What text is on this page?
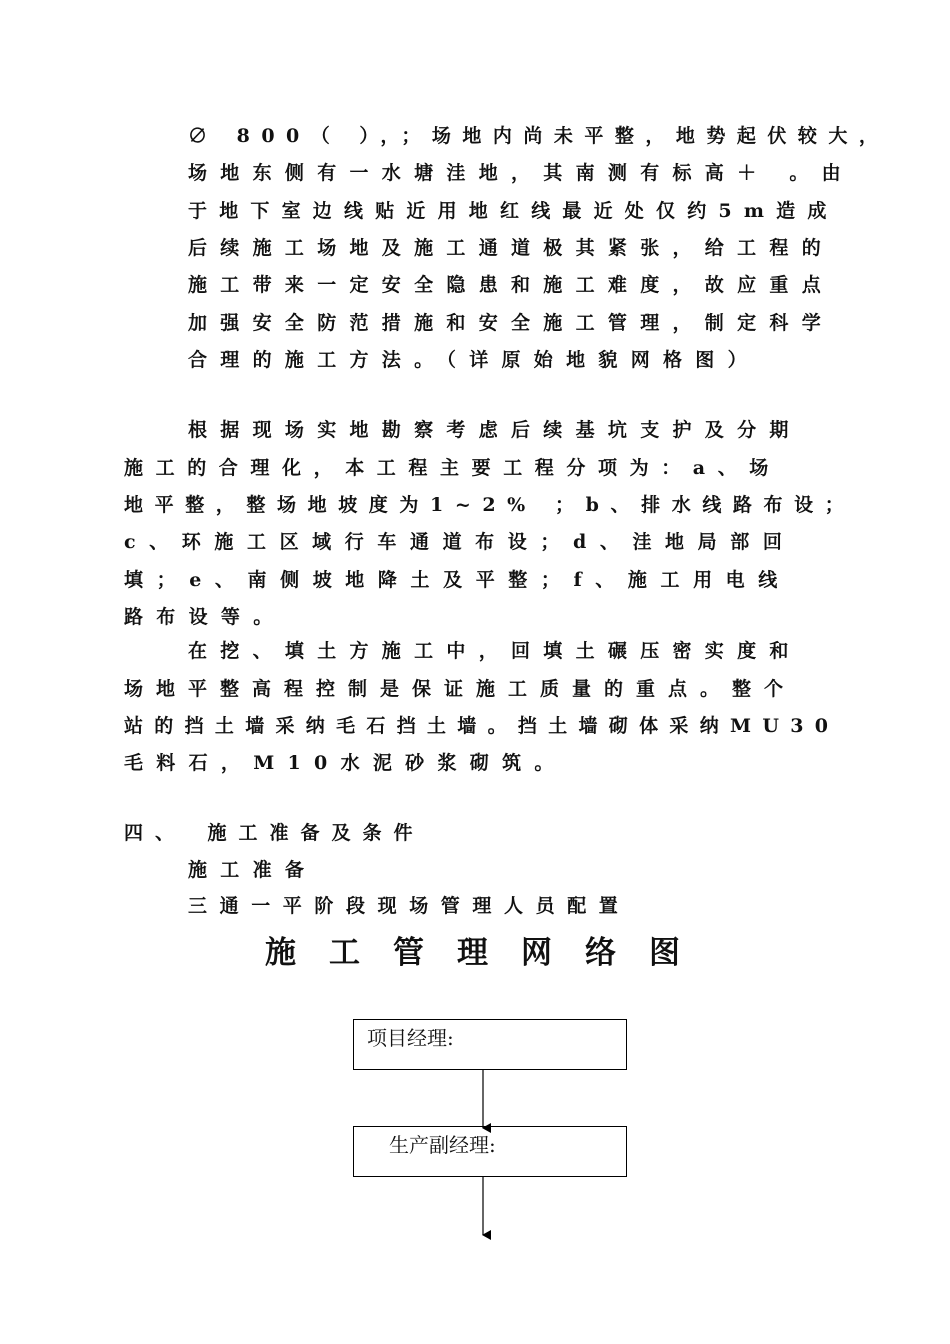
∅ 800（ ），；场地内尚未平整，地势起伏较大，
场地东侧有一水塘洼地，其南测有标高＋ 。由
于地下室边线贴近用地红线最近处仅约5m造成
后续施工场地及施工通道极其紧张，给工程的
施工带来一定安全隐患和施工难度，故应重点
加强安全防范措施和安全施工管理，制定科学
合理的施工方法。（详原始地貌网格图）
根据现场实地勘察考虑后续基坑支护及分期
施工的合理化，本工程主要工程分项为：a、场
地平整，整场地坡度为1~2% ；b、排水线路布设；
c、环施工区域行车通道布设；d、洼地局部回
填；e、南侧坡地降土及平整；f、施工用电线
路布设等。
在挖、填土方施工中，回填土碾压密实度和
场地平整高程控制是保证施工质量的重点。整个
站的挡土墙采纳毛石挡土墙。挡土墙砌体采纳MU30
毛料石，M10水泥砂浆砌筑。
四、　施工准备及条件
施工准备
三通一平阶段现场管理人员配置
施工管理网络图
项目经理:
生产副经理:
